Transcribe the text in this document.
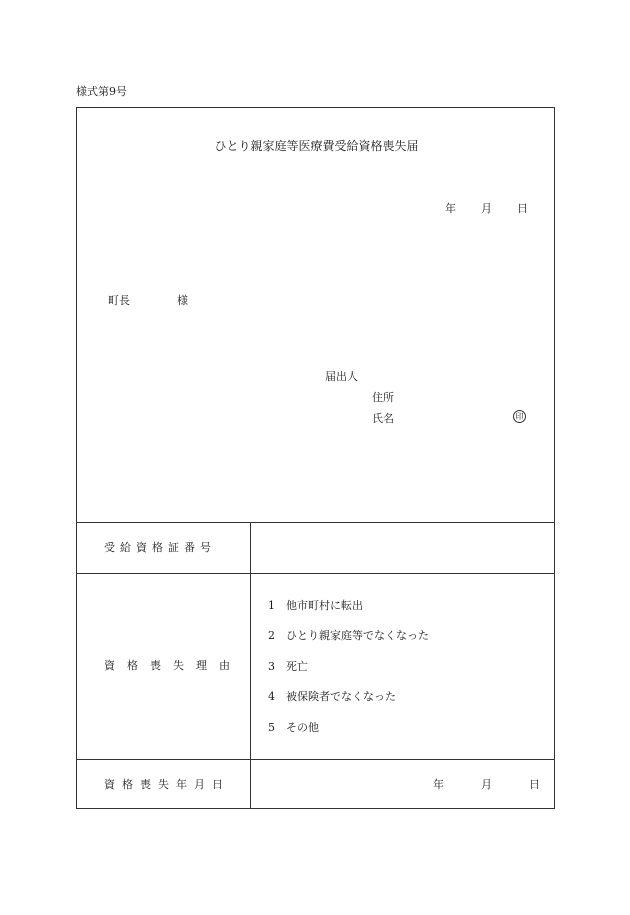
様式第9号
ひとり親家庭等医療費受給資格喪失届
年 月 日
町長	様
届出人
住所
氏名	印
受給資格証番号
資格喪失理由
1 他市町村に転出
2 ひとり親家庭等でなくなった
3 死亡
4 被保険者でなくなった
5 その他
資格喪失年月日	年	月	日
